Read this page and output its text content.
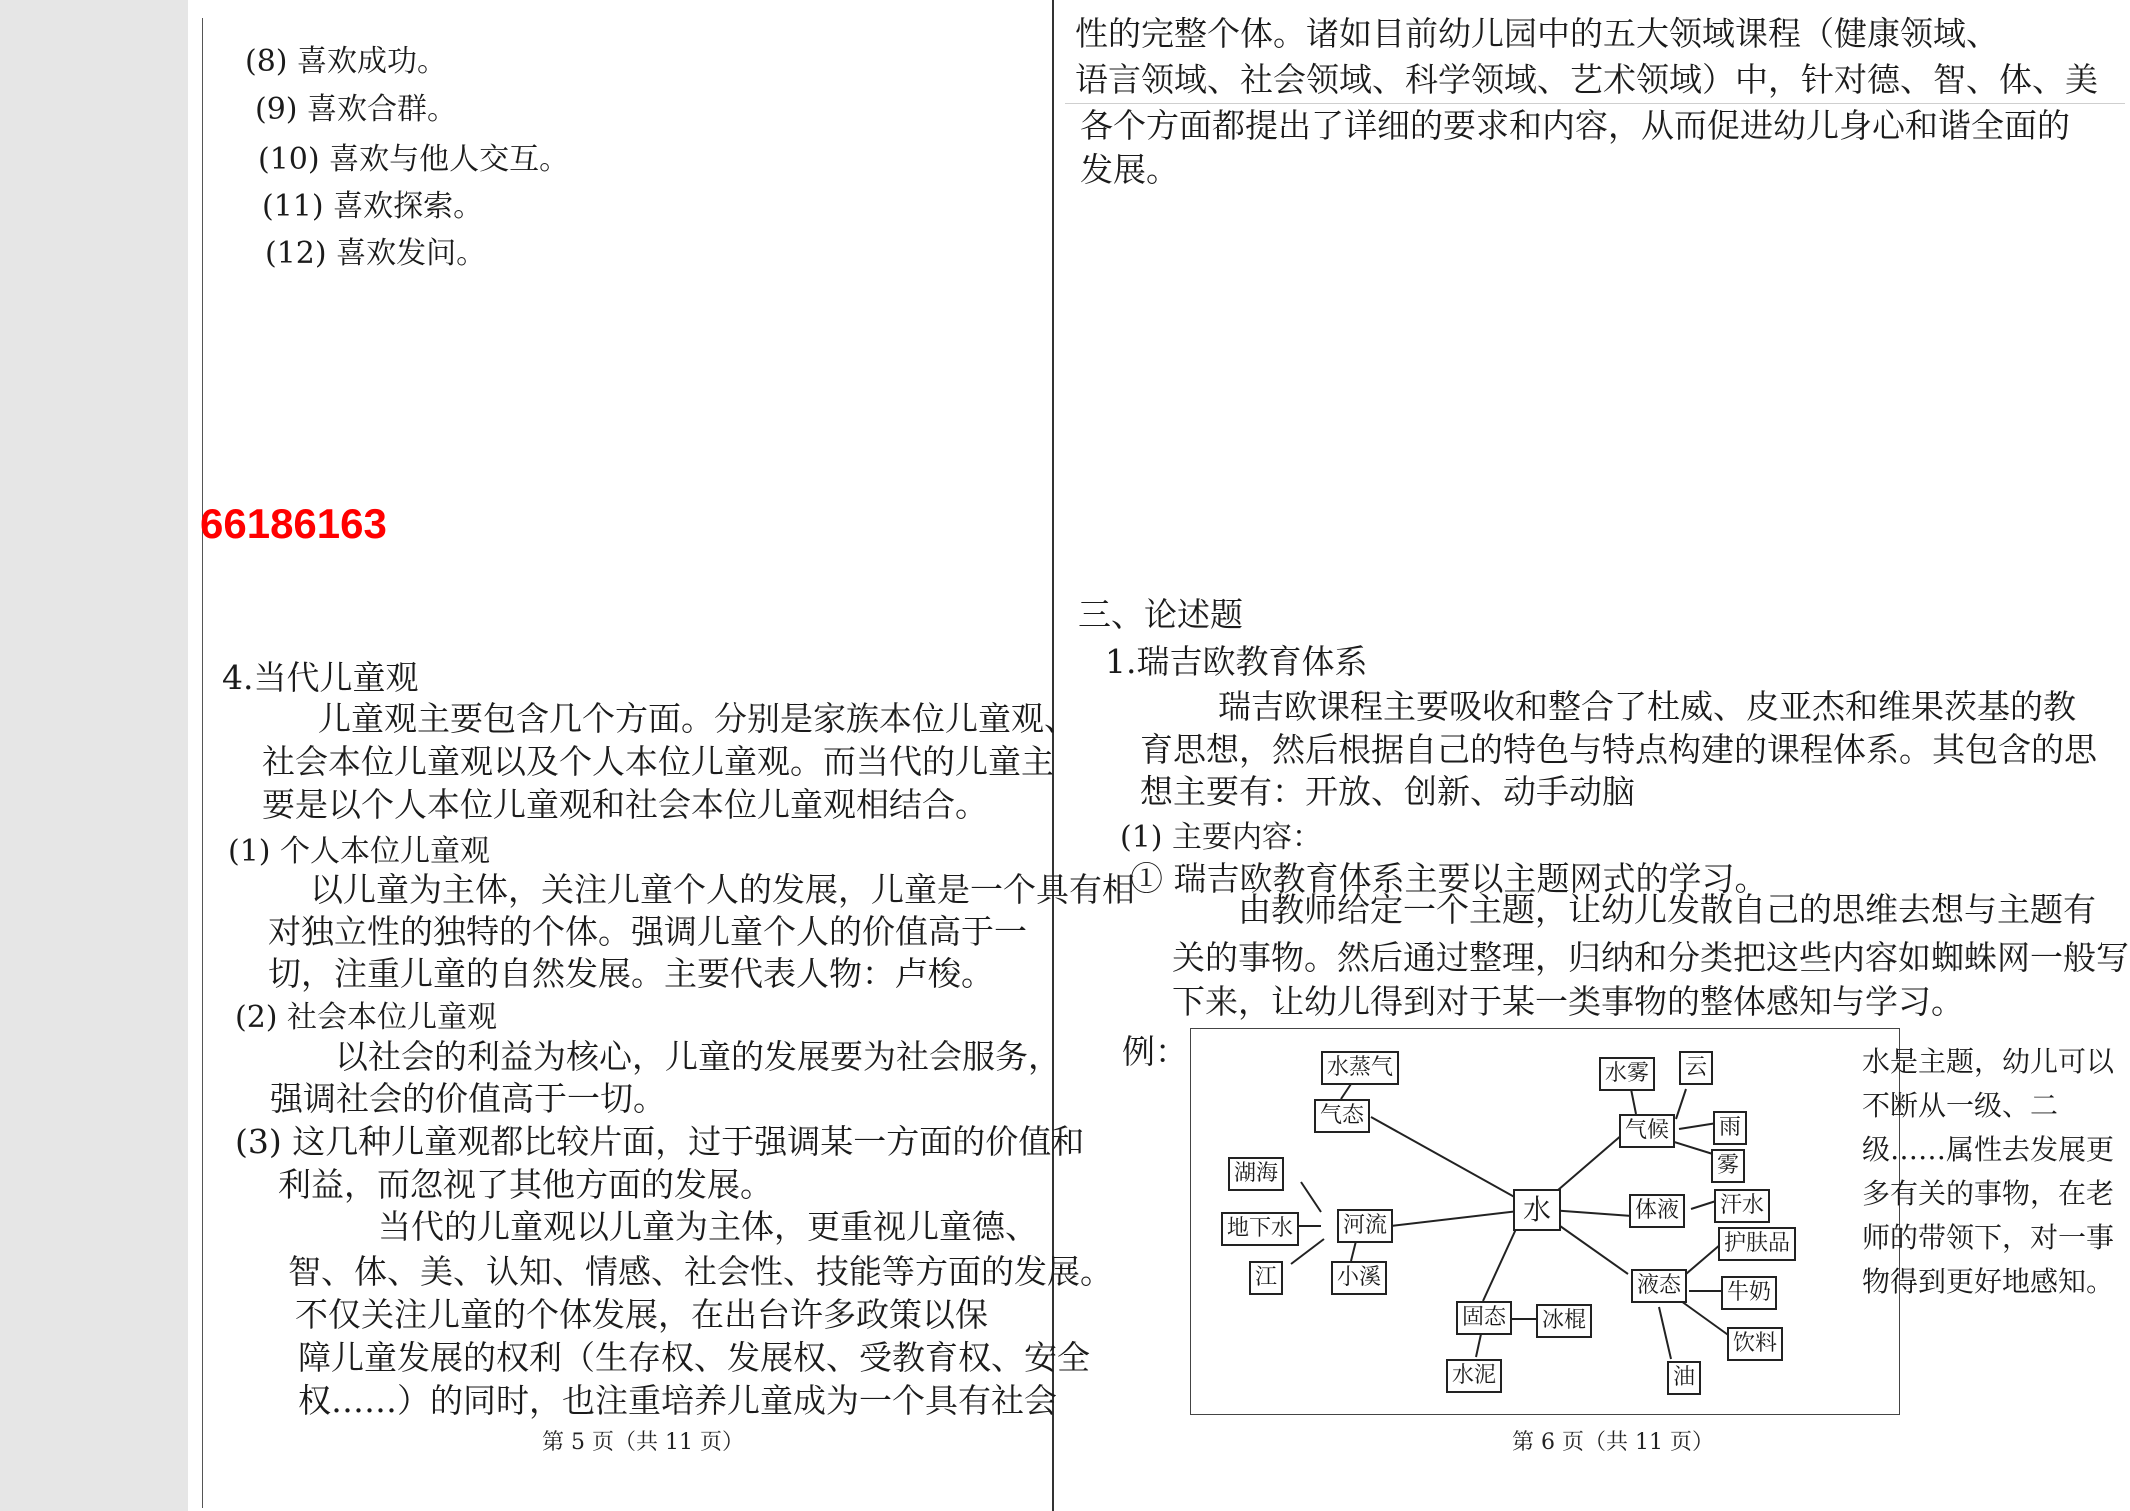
(8) 喜欢成功。
(9) 喜欢合群。
(10) 喜欢与他人交互。
(11) 喜欢探索。
(12) 喜欢发问。
66186163
4.当代儿童观
儿童观主要包含几个方面。分别是家族本位儿童观、
社会本位儿童观以及个人本位儿童观。而当代的儿童主
要是以个人本位儿童观和社会本位儿童观相结合。
(1) 个人本位儿童观
以儿童为主体，关注儿童个人的发展，儿童是一个具有相
对独立性的独特的个体。强调儿童个人的价值高于一
切，注重儿童的自然发展。主要代表人物：卢梭。
(2) 社会本位儿童观
以社会的利益为核心，儿童的发展要为社会服务，
强调社会的价值高于一切。
(3) 这几种儿童观都比较片面，过于强调某一方面的价值和
利益，而忽视了其他方面的发展。
当代的儿童观以儿童为主体，更重视儿童德、
智、体、美、认知、情感、社会性、技能等方面的发展。
不仅关注儿童的个体发展，在出台许多政策以保
障儿童发展的权利（生存权、发展权、受教育权、安全
权……）的同时，也注重培养儿童成为一个具有社会
第 5 页（共 11 页）
性的完整个体。诸如目前幼儿园中的五大领域课程（健康领域、
语言领域、社会领域、科学领域、艺术领域）中，针对德、智、体、美
各个方面都提出了详细的要求和内容，从而促进幼儿身心和谐全面的
发展。
三、论述题
1.瑞吉欧教育体系
瑞吉欧课程主要吸收和整合了杜威、皮亚杰和维果茨基的教
育思想，然后根据自己的特色与特点构建的课程体系。其包含的思
想主要有：开放、创新、动手动脑
(1) 主要内容：
① 瑞吉欧教育体系主要以主题网式的学习。
由教师给定一个主题，让幼儿发散自己的思维去想与主题有
关的事物。然后通过整理，归纳和分类把这些内容如蜘蛛网一般写
下来，让幼儿得到对于某一类事物的整体感知与学习。
例：
水
气态
水蒸气
气候
水雾 云
雨
雾
河流
湖海
地下水
江	小溪
体液 汗水
液态
护肤品
牛奶
饮料
油
固态 冰棍
水泥
水是主题，幼儿可以不断从一级、二级……属性去发展更多有关的事物，在老师的带领下，对一事物得到更好地感知。
第 6 页（共 11 页）
